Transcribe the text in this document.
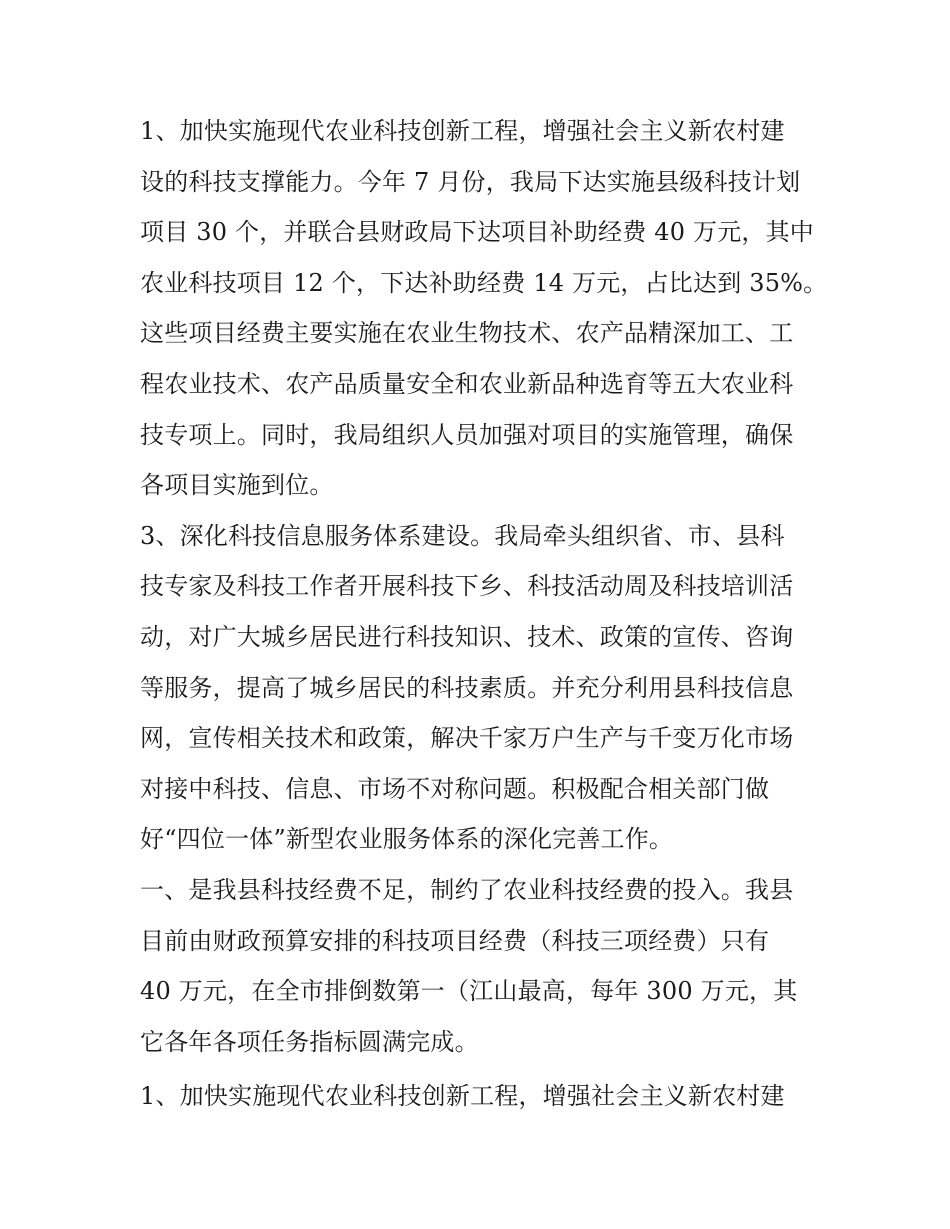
1、加快实施现代农业科技创新工程，增强社会主义新农村建
设的科技支撑能力。今年 7 月份，我局下达实施县级科技计划
项目 30 个，并联合县财政局下达项目补助经费 40 万元，其中
农业科技项目 12 个，下达补助经费 14 万元，占比达到 35%。
这些项目经费主要实施在农业生物技术、农产品精深加工、工
程农业技术、农产品质量安全和农业新品种选育等五大农业科
技专项上。同时，我局组织人员加强对项目的实施管理，确保
各项目实施到位。
3、深化科技信息服务体系建设。我局牵头组织省、市、县科
技专家及科技工作者开展科技下乡、科技活动周及科技培训活
动，对广大城乡居民进行科技知识、技术、政策的宣传、咨询
等服务，提高了城乡居民的科技素质。并充分利用县科技信息
网，宣传相关技术和政策，解决千家万户生产与千变万化市场
对接中科技、信息、市场不对称问题。积极配合相关部门做
好“四位一体”新型农业服务体系的深化完善工作。
一、是我县科技经费不足，制约了农业科技经费的投入。我县
目前由财政预算安排的科技项目经费（科技三项经费）只有
40 万元，在全市排倒数第一（江山最高，每年 300 万元，其
它各年各项任务指标圆满完成。
1、加快实施现代农业科技创新工程，增强社会主义新农村建
